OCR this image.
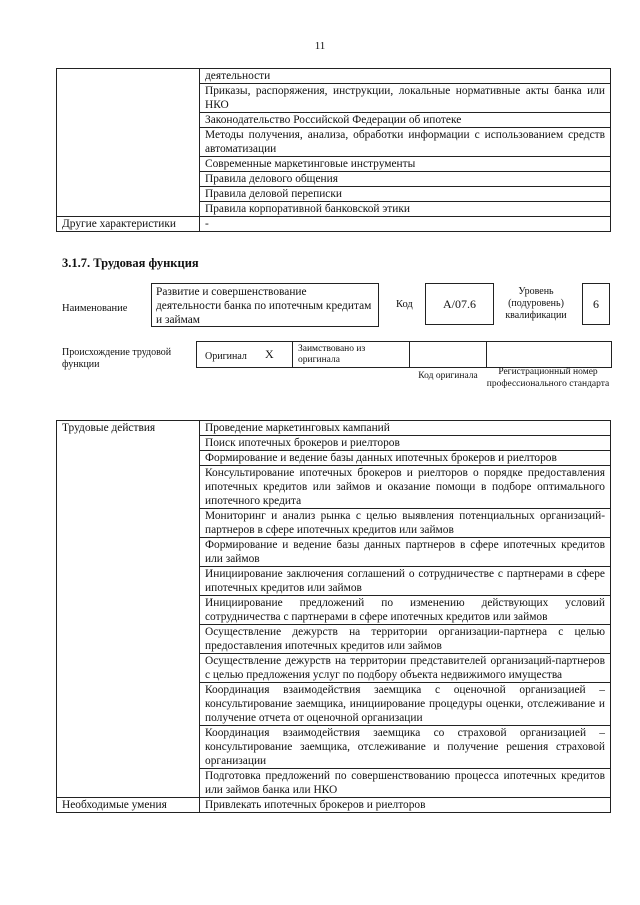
11
	деятельности
	Приказы, распоряжения, инструкции, локальные нормативные акты банка или НКО
	Законодательство Российской Федерации об ипотеке
	Методы получения, анализа, обработки информации с использованием средств автоматизации
	Современные маркетинговые инструменты
	Правила делового общения
	Правила деловой переписки
	Правила корпоративной банковской этики
Другие характеристики	-
3.1.7. Трудовая функция
Наименование
Развитие и совершенствование деятельности банка по ипотечным кредитам и займам
Код	A/07.6
Уровень (подуровень) квалификации
6
Происхождение трудовой функции
Оригинал X	Заимствовано из оригинала
Код оригинала	Регистрационный номер профессионального стандарта
Трудовые действия	Проведение маркетинговых кампаний
	Поиск ипотечных брокеров и риелторов
	Формирование и ведение базы данных ипотечных брокеров и риелторов
	Консультирование ипотечных брокеров и риелторов о порядке предоставления ипотечных кредитов или займов и оказание помощи в подборе оптимального ипотечного кредита
	Мониторинг и анализ рынка с целью выявления потенциальных организаций-партнеров в сфере ипотечных кредитов или займов
	Формирование и ведение базы данных партнеров в сфере ипотечных кредитов или займов
	Инициирование заключения соглашений о сотрудничестве с партнерами в сфере ипотечных кредитов или займов
	Инициирование предложений по изменению действующих условий сотрудничества с партнерами в сфере ипотечных кредитов или займов
	Осуществление дежурств на территории организации-партнера с целью предоставления ипотечных кредитов или займов
	Осуществление дежурств на территории представителей организаций-партнеров с целью предложения услуг по подбору объекта недвижимого имущества
	Координация взаимодействия заемщика с оценочной организацией – консультирование заемщика, инициирование процедуры оценки, отслеживание и получение отчета от оценочной организации
	Координация взаимодействия заемщика со страховой организацией – консультирование заемщика, отслеживание и получение решения страховой организации
	Подготовка предложений по совершенствованию процесса ипотечных кредитов или займов банка или НКО
Необходимые умения	Привлекать ипотечных брокеров и риелторов
